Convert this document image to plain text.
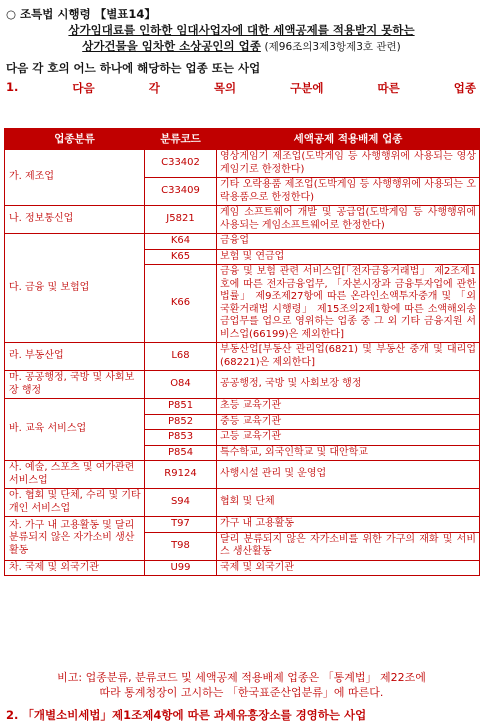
○ 조특법 시행령 【별표14】
상가임대료를 인하한 임대사업자에 대한 세액공제를 적용받지 못하는
상가건물을 임차한 소상공인의 업종 (제96조의3제3항제3호 관련)
다음 각 호의 어느 하나에 해당하는 업종 또는 사업
1.	다음	각	목의	구분에	따른	업종
업종분류	분류코드	세액공제 적용배제 업종
가. 제조업	C33402	영상게임기 제조업(도박게임 등 사행행위에 사용되는 영상게임기로 한정한다)
	C33409	기타 오락용품 제조업(도박게임 등 사행행위에 사용되는 오락용품으로 한정한다)
나. 정보통신업	J5821	게임 소프트웨어 개발 및 공급업(도박게임 등 사행행위에 사용되는 게임소프트웨어로 한정한다)
다. 금융 및 보험업	K64	금융업
	K65	보험 및 연금업
	K66	금융 및 보험 관련 서비스업[「전자금융거래법」 제2조제1호에 따른 전자금융업무, 「자본시장과 금융투자업에 관한 법률」 제9조제27항에 따른 온라인소액투자중개 및 「외국환거래법 시행령」 제15조의2제1항에 따른 소액해외송금업무를 업으로 영위하는 업종 중 그 외 기타 금융지원 서비스업(66199)은 제외한다]
라. 부동산업	L68	부동산업[부동산 관리업(6821) 및 부동산 중개 및 대리업(68221)은 제외한다]
마. 공공행정, 국방 및 사회보장 행정	O84	공공행정, 국방 및 사회보장 행정
바. 교육 서비스업	P851	초등 교육기관
	P852	중등 교육기관
	P853	고등 교육기관
	P854	특수학교, 외국인학교 및 대안학교
사. 예술, 스포츠 및 여가관련 서비스업	R9124	사행시설 관리 및 운영업
아. 협회 및 단체, 수리 및 기타 개인 서비스업	S94	협회 및 단체
자. 가구 내 고용활동 및 달리 분류되지 않은 자가소비 생산활동	T97	가구 내 고용활동
	T98	달리 분류되지 않은 자가소비를 위한 가구의 재화 및 서비스 생산활동
차. 국제 및 외국기관	U99	국제 및 외국기관
비고: 업종분류, 분류코드 및 세액공제 적용배제 업종은 「통계법」 제22조에
따라 통계청장이 고시하는 「한국표준산업분류」에 따른다.
2. 「개별소비세법」제1조제4항에 따른 과세유흥장소를 경영하는 사업
